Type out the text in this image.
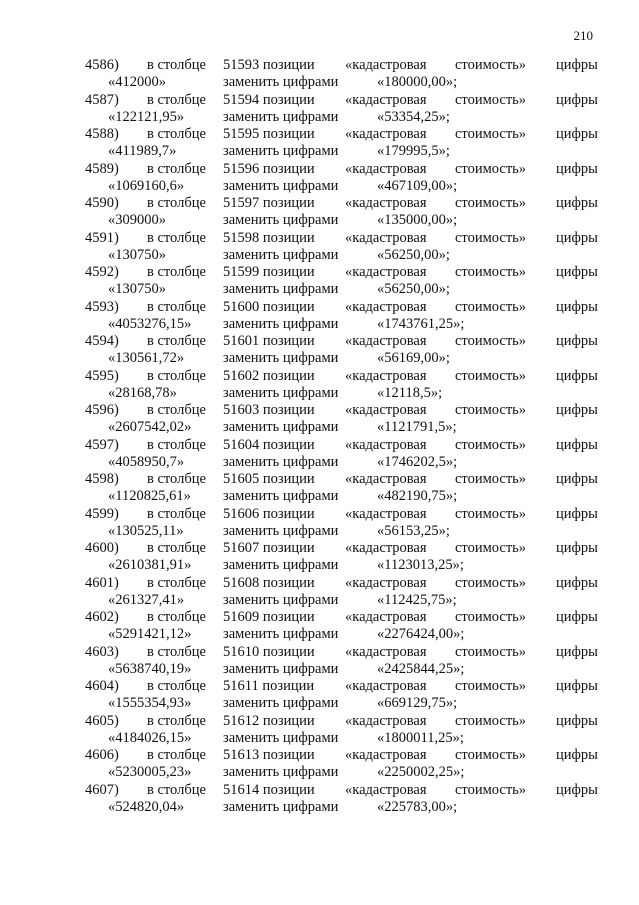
210
4586) в столбце 51593 позиции «кадастровая стоимость» цифры
«412000»	заменить цифрами	«180000,00»;
4587) в столбце 51594 позиции «кадастровая стоимость» цифры
«122121,95»	заменить цифрами	«53354,25»;
4588) в столбце 51595 позиции «кадастровая стоимость» цифры
«411989,7»	заменить цифрами	«179995,5»;
4589) в столбце 51596 позиции «кадастровая стоимость» цифры
«1069160,6»	заменить цифрами	«467109,00»;
4590) в столбце 51597 позиции «кадастровая стоимость» цифры
«309000»	заменить цифрами	«135000,00»;
4591) в столбце 51598 позиции «кадастровая стоимость» цифры
«130750»	заменить цифрами	«56250,00»;
4592) в столбце 51599 позиции «кадастровая стоимость» цифры
«130750»	заменить цифрами	«56250,00»;
4593) в столбце 51600 позиции «кадастровая стоимость» цифры
«4053276,15» заменить цифрами	«1743761,25»;
4594) в столбце 51601 позиции «кадастровая стоимость» цифры
«130561,72»	заменить цифрами	«56169,00»;
4595) в столбце 51602 позиции «кадастровая стоимость» цифры
«28168,78»	заменить цифрами	«12118,5»;
4596) в столбце 51603 позиции «кадастровая стоимость» цифры
«2607542,02» заменить цифрами	«1121791,5»;
4597) в столбце 51604 позиции «кадастровая стоимость» цифры
«4058950,7»	заменить цифрами	«1746202,5»;
4598) в столбце 51605 позиции «кадастровая стоимость» цифры
«1120825,61» заменить цифрами	«482190,75»;
4599) в столбце 51606 позиции «кадастровая стоимость» цифры
«130525,11»	заменить цифрами	«56153,25»;
4600) в столбце 51607 позиции «кадастровая стоимость» цифры
«2610381,91» заменить цифрами	«1123013,25»;
4601) в столбце 51608 позиции «кадастровая стоимость» цифры
«261327,41»	заменить цифрами	«112425,75»;
4602) в столбце 51609 позиции «кадастровая стоимость» цифры
«5291421,12» заменить цифрами	«2276424,00»;
4603) в столбце 51610 позиции «кадастровая стоимость» цифры
«5638740,19» заменить цифрами	«2425844,25»;
4604) в столбце 51611 позиции «кадастровая стоимость» цифры
«1555354,93» заменить цифрами	«669129,75»;
4605) в столбце 51612 позиции «кадастровая стоимость» цифры
«4184026,15» заменить цифрами	«1800011,25»;
4606) в столбце 51613 позиции «кадастровая стоимость» цифры
«5230005,23» заменить цифрами	«2250002,25»;
4607) в столбце 51614 позиции «кадастровая стоимость» цифры
«524820,04»	заменить цифрами	«225783,00»;
